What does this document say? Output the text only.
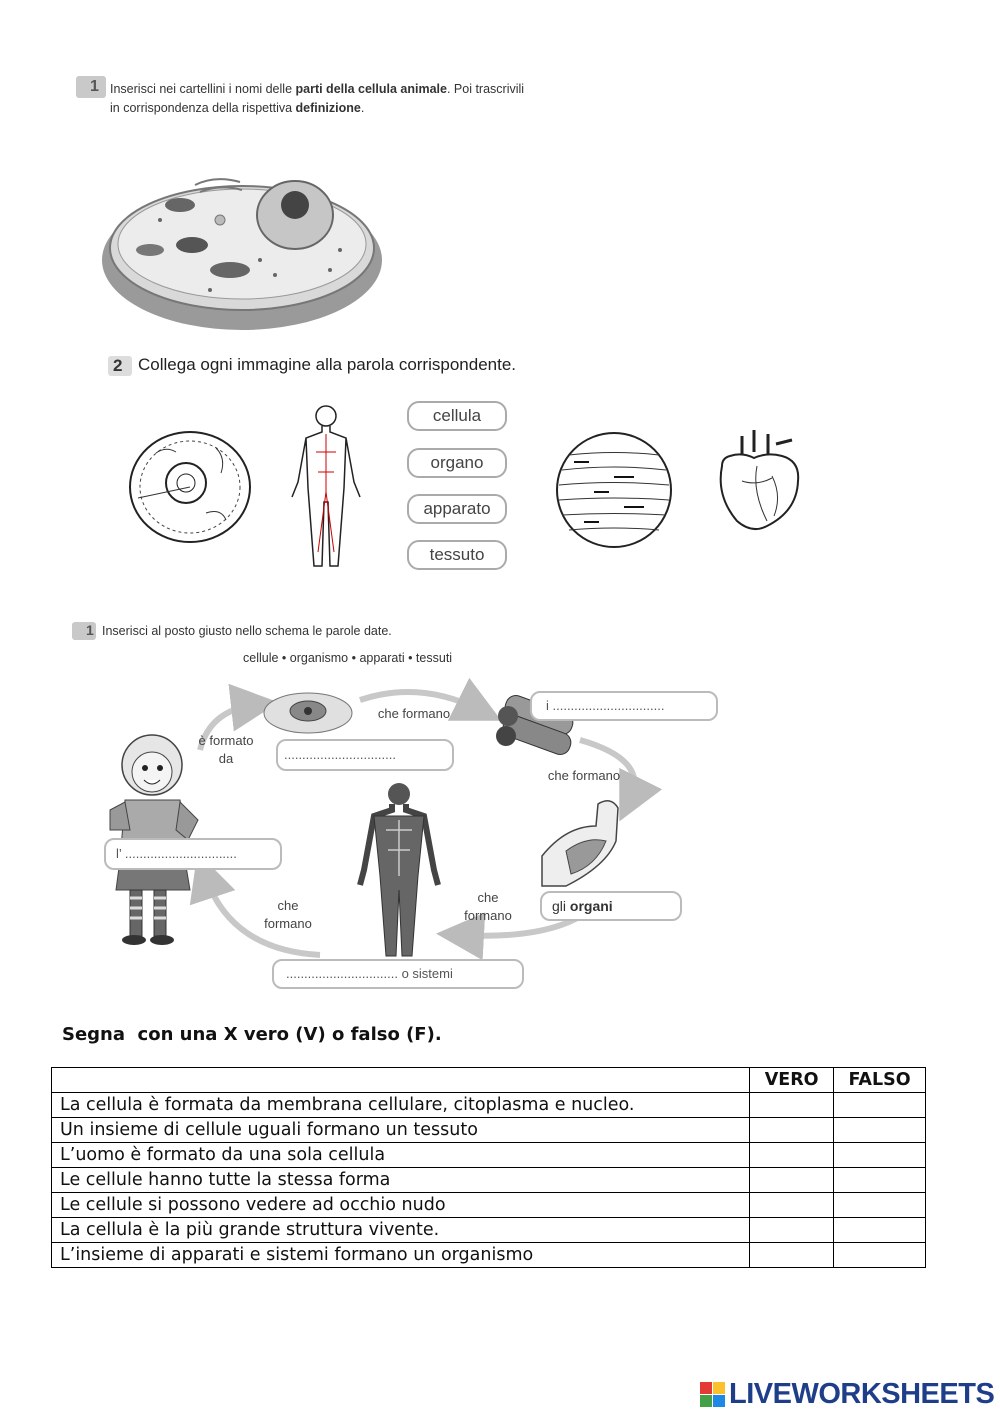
1 Inserisci nei cartellini i nomi delle parti della cellula animale. Poi trascrivili
in corrispondenza della rispettiva definizione.
2 Collega ogni immagine alla parola corrispondente.
cellula
organo
apparato
tessuto
1 Inserisci al posto giusto nello schema le parole date.
cellule • organismo • apparati • tessuti
è formato
da
che formano
che formano
che
formano
che
formano
i ...............................
...............................
l’ ...............................
gli organi
............................... o sistemi
Segna  con una X vero (V) o falso (F).
	VERO	FALSO
La cellula è formata da membrana cellulare, citoplasma e nucleo.		
Un insieme di cellule uguali formano un tessuto		
L’uomo è formato da una sola cellula		
Le cellule hanno tutte la stessa forma		
Le cellule si possono vedere ad occhio nudo		
La cellula è la più grande struttura vivente.		
L’insieme di apparati e sistemi formano un organismo		
LIVEWORKSHEETS
